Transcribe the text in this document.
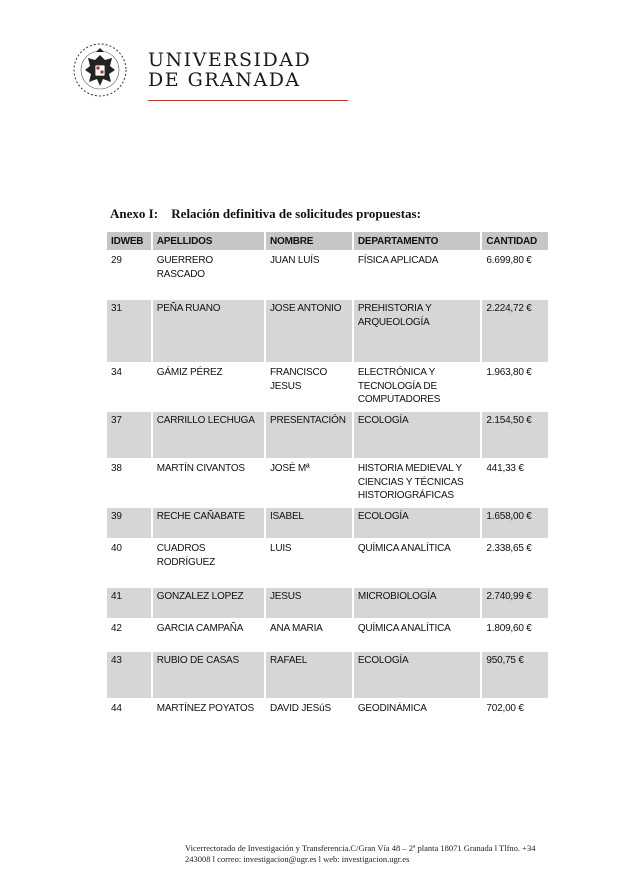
UNIVERSIDAD
DE GRANADA
Anexo I: Relación definitiva de solicitudes propuestas:
IDWEB	APELLIDOS	NOMBRE	DEPARTAMENTO	CANTIDAD
29	GUERRERO RASCADO	JUAN LUÍS	FÍSICA APLICADA	6.699,80 €
31	PEÑA RUANO	JOSE ANTONIO	PREHISTORIA Y ARQUEOLOGÍA	2.224,72 €
34	GÁMIZ PÉREZ	FRANCISCO JESUS	ELECTRÓNICA Y TECNOLOGÍA DE COMPUTADORES	1.963,80 €
37	CARRILLO LECHUGA	PRESENTACIÓN	ECOLOGÍA	2.154,50 €
38	MARTÍN CIVANTOS	JOSÉ Mª	HISTORIA MEDIEVAL Y CIENCIAS Y TÉCNICAS HISTORIOGRÁFICAS	441,33 €
39	RECHE CAÑABATE	ISABEL	ECOLOGÍA	1.658,00 €
40	CUADROS RODRÍGUEZ	LUIS	QUÍMICA ANALÍTICA	2.338,65 €
41	GONZALEZ LOPEZ	JESUS	MICROBIOLOGÍA	2.740,99 €
42	GARCIA CAMPAÑA	ANA MARIA	QUÍMICA ANALÍTICA	1.809,60 €
43	RUBIO DE CASAS	RAFAEL	ECOLOGÍA	950,75 €
44	MARTÍNEZ POYATOS	DAVID JESúS	GEODINÁMICA	702,00 €
Vicerrectorado de Investigación y Transferencia.C/Gran Vía 48 – 2ª planta 18071 Granada l Tlfno. +34
243008 l correo: investigacion@ugr.es l web: investigacion.ugr.es
